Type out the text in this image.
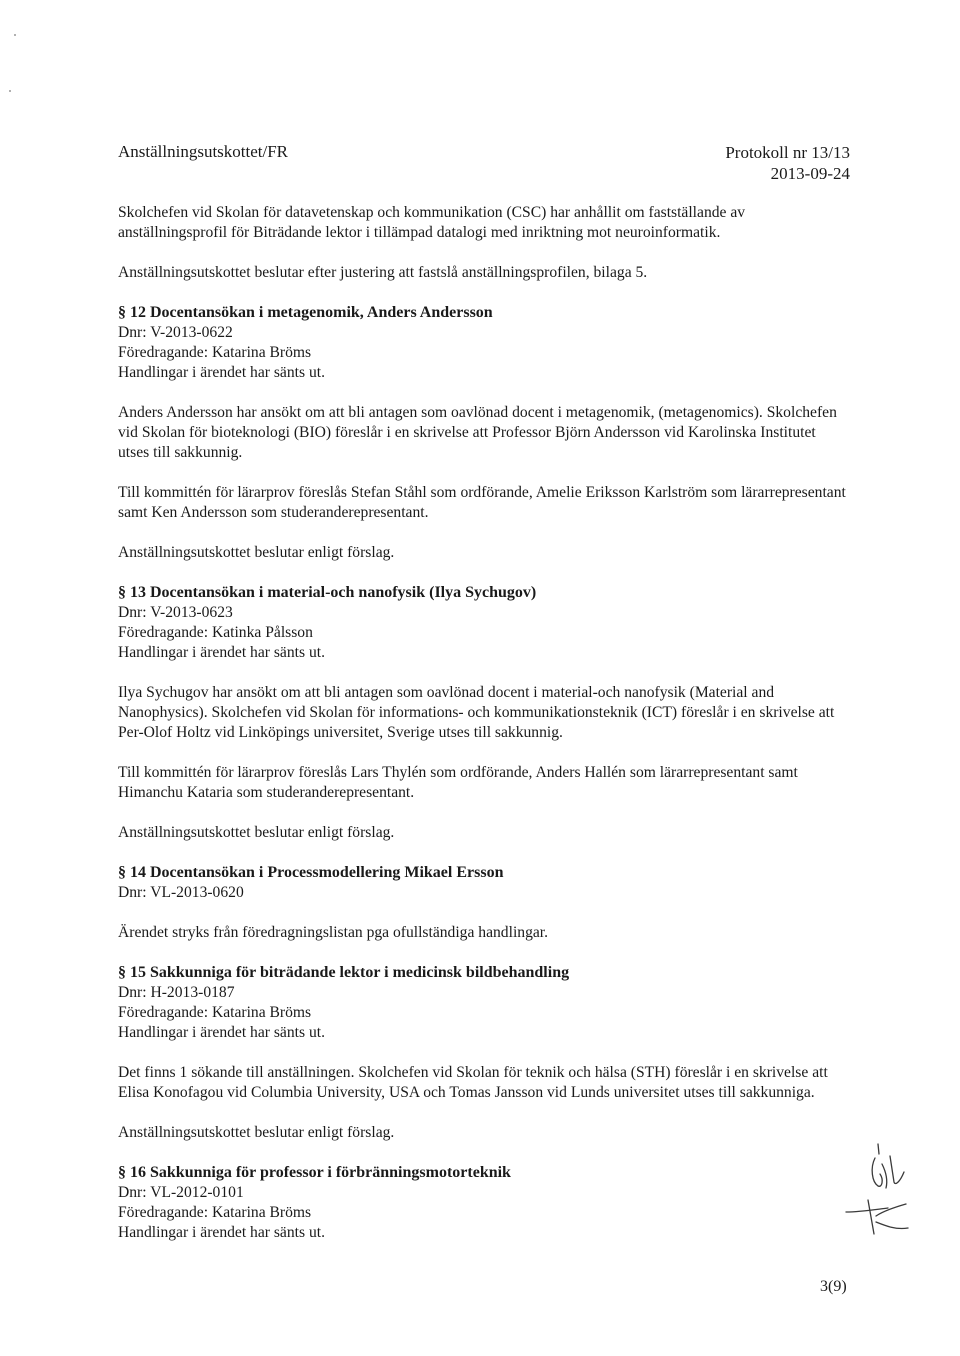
Anställningsutskottet/FR	Protokoll nr 13/13
2013-09-24

Skolchefen vid Skolan för datavetenskap och kommunikation (CSC) har anhållit om fastställande av anställningsprofil för Biträdande lektor i tillämpad datalogi med inriktning mot neuroinformatik.

Anställningsutskottet beslutar efter justering att fastslå anställningsprofilen, bilaga 5.

§ 12 Docentansökan i metagenomik, Anders Andersson
Dnr: V-2013-0622
Föredragande: Katarina Bröms
Handlingar i ärendet har sänts ut.

Anders Andersson har ansökt om att bli antagen som oavlönad docent i metagenomik, (metagenomics). Skolchefen vid Skolan för bioteknologi (BIO) föreslår i en skrivelse att Professor Björn Andersson vid Karolinska Institutet utses till sakkunnig.

Till kommittén för lärarprov föreslås Stefan Ståhl som ordförande, Amelie Eriksson Karlström som lärarrepresentant samt Ken Andersson som studeranderepresentant.

Anställningsutskottet beslutar enligt förslag.

§ 13 Docentansökan i material-och nanofysik (Ilya Sychugov)
Dnr: V-2013-0623
Föredragande: Katinka Pålsson
Handlingar i ärendet har sänts ut.

Ilya Sychugov har ansökt om att bli antagen som oavlönad docent i material-och nanofysik (Material and Nanophysics). Skolchefen vid Skolan för informations- och kommunikationsteknik (ICT) föreslår i en skrivelse att Per-Olof Holtz vid Linköpings universitet, Sverige utses till sakkunnig.

Till kommittén för lärarprov föreslås Lars Thylén som ordförande, Anders Hallén som lärarrepresentant samt Himanchu Kataria som studeranderepresentant.

Anställningsutskottet beslutar enligt förslag.

§ 14 Docentansökan i Processmodellering Mikael Ersson
Dnr: VL-2013-0620

Ärendet stryks från föredragningslistan pga ofullständiga handlingar.

§ 15 Sakkunniga för biträdande lektor i medicinsk bildbehandling
Dnr: H-2013-0187
Föredragande: Katarina Bröms
Handlingar i ärendet har sänts ut.

Det finns 1 sökande till anställningen. Skolchefen vid Skolan för teknik och hälsa (STH) föreslår i en skrivelse att Elisa Konofagou vid Columbia University, USA och Tomas Jansson vid Lunds universitet utses till sakkunniga.

Anställningsutskottet beslutar enligt förslag.

§ 16 Sakkunniga för professor i förbränningsmotorteknik
Dnr: VL-2012-0101
Föredragande: Katarina Bröms
Handlingar i ärendet har sänts ut.
3(9)
